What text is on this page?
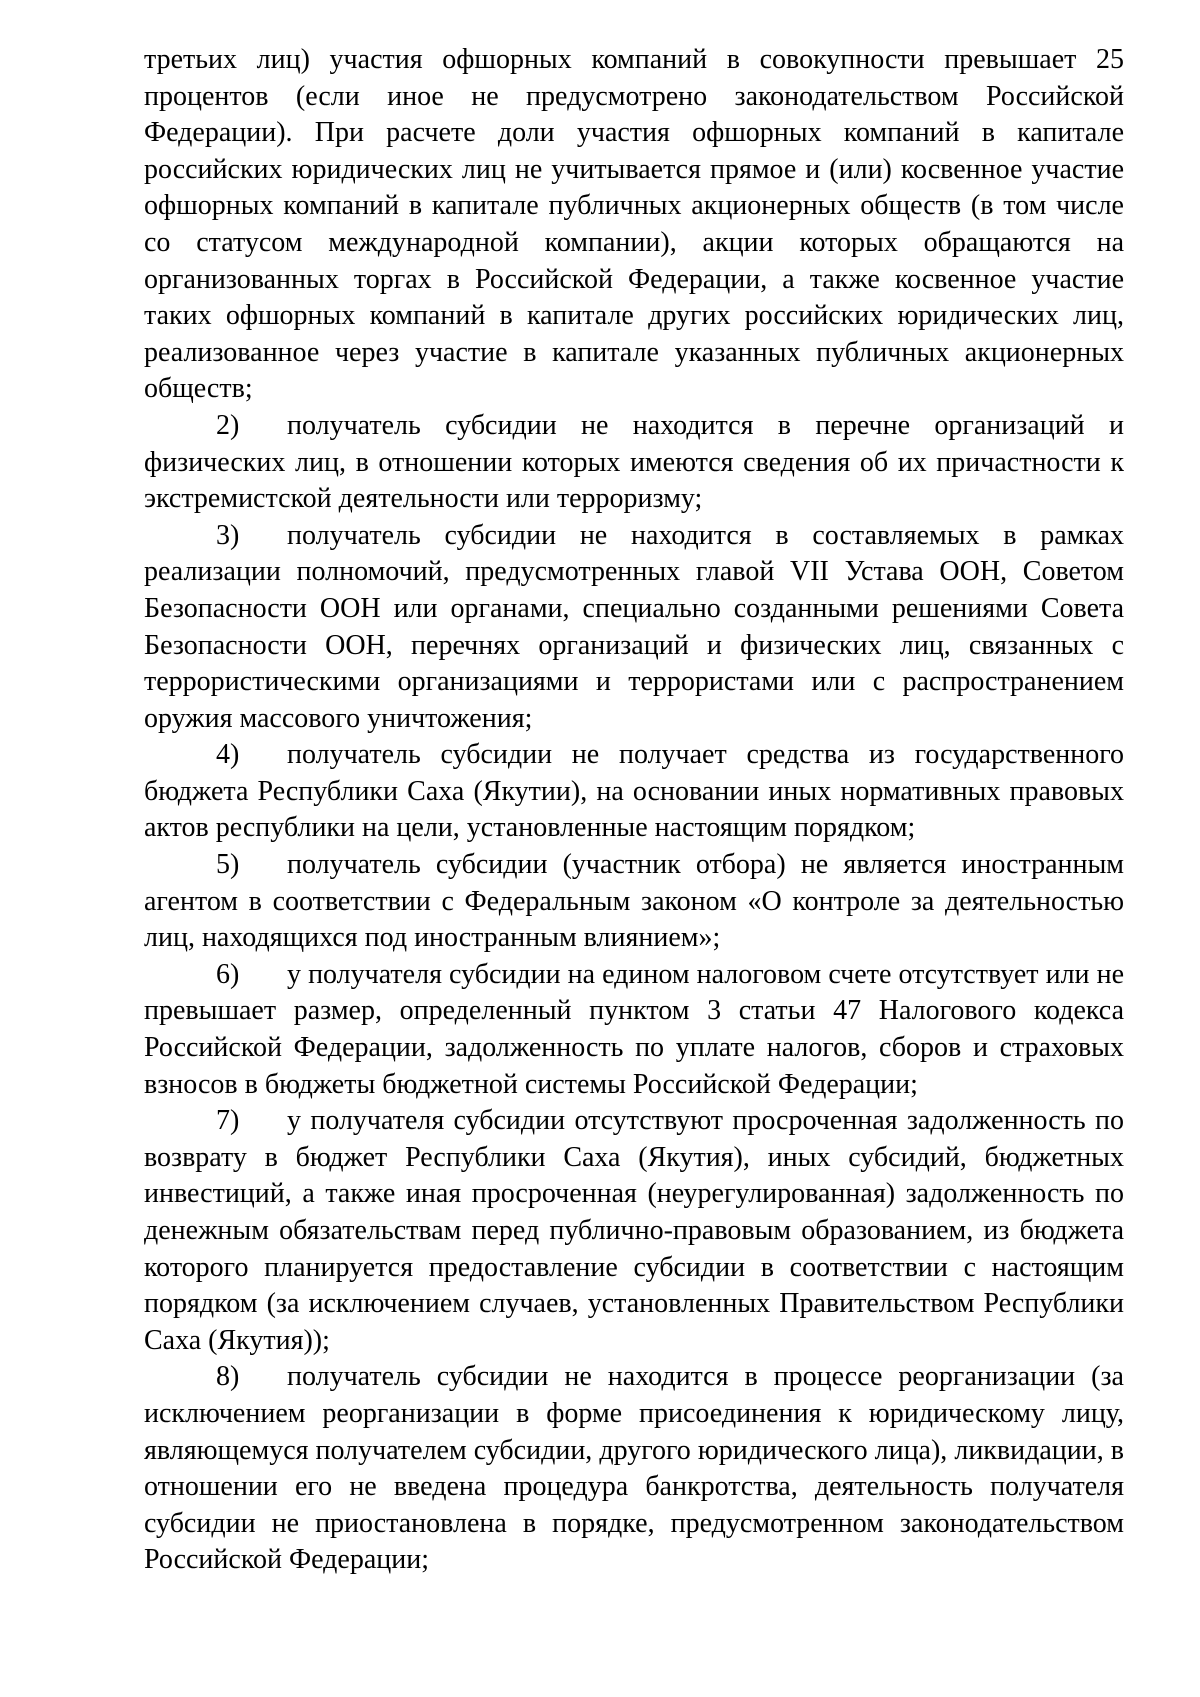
третьих лиц) участия офшорных компаний в совокупности превышает 25 процентов (если иное не предусмотрено законодательством Российской Федерации). При расчете доли участия офшорных компаний в капитале российских юридических лиц не учитывается прямое и (или) косвенное участие офшорных компаний в капитале публичных акционерных обществ (в том числе со статусом международной компании), акции которых обращаются на организованных торгах в Российской Федерации, а также косвенное участие таких офшорных компаний в капитале других российских юридических лиц, реализованное через участие в капитале указанных публичных акционерных обществ;

2) получатель субсидии не находится в перечне организаций и физических лиц, в отношении которых имеются сведения об их причастности к экстремистской деятельности или терроризму;

3) получатель субсидии не находится в составляемых в рамках реализации полномочий, предусмотренных главой VII Устава ООН, Советом Безопасности ООН или органами, специально созданными решениями Совета Безопасности ООН, перечнях организаций и физических лиц, связанных с террористическими организациями и террористами или с распространением оружия массового уничтожения;

4) получатель субсидии не получает средства из государственного бюджета Республики Саха (Якутии), на основании иных нормативных правовых актов республики на цели, установленные настоящим порядком;

5) получатель субсидии (участник отбора) не является иностранным агентом в соответствии с Федеральным законом «О контроле за деятельностью лиц, находящихся под иностранным влиянием»;

6) у получателя субсидии на едином налоговом счете отсутствует или не превышает размер, определенный пунктом 3 статьи 47 Налогового кодекса Российской Федерации, задолженность по уплате налогов, сборов и страховых взносов в бюджеты бюджетной системы Российской Федерации;

7) у получателя субсидии отсутствуют просроченная задолженность по возврату в бюджет Республики Саха (Якутия), иных субсидий, бюджетных инвестиций, а также иная просроченная (неурегулированная) задолженность по денежным обязательствам перед публично-правовым образованием, из бюджета которого планируется предоставление субсидии в соответствии с настоящим порядком (за исключением случаев, установленных Правительством Республики Саха (Якутия));

8) получатель субсидии не находится в процессе реорганизации (за исключением реорганизации в форме присоединения к юридическому лицу, являющемуся получателем субсидии, другого юридического лица), ликвидации, в отношении его не введена процедура банкротства, деятельность получателя субсидии не приостановлена в порядке, предусмотренном законодательством Российской Федерации;
